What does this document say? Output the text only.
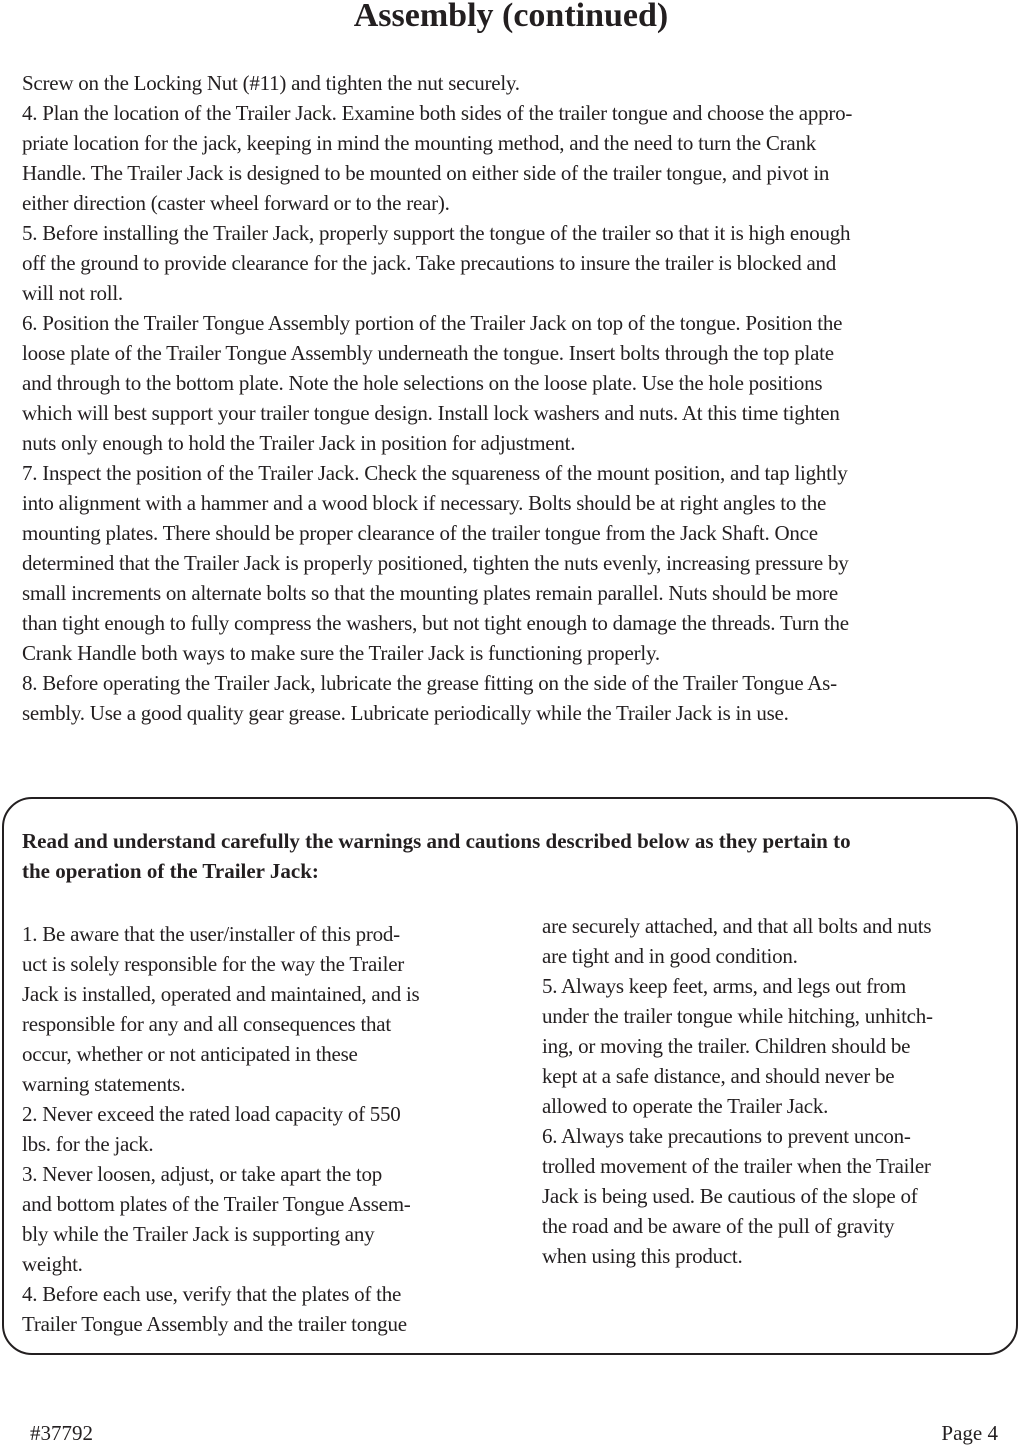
Assembly (continued)

Screw on the Locking Nut (#11) and tighten the nut securely.

4. Plan the location of the Trailer Jack. Examine both sides of the trailer tongue and choose the appro-

priate location for the jack, keeping in mind the mounting method, and the need to turn the Crank

Handle. The Trailer Jack is designed to be mounted on either side of the trailer tongue, and pivot in

either direction (caster wheel forward or to the rear).

5. Before installing the Trailer Jack, properly support the tongue of the trailer so that it is high enough

off the ground to provide clearance for the jack. Take precautions to insure the trailer is blocked and

will not roll.

6. Position the Trailer Tongue Assembly portion of the Trailer Jack on top of the tongue. Position the

loose plate of the Trailer Tongue Assembly underneath the tongue. Insert bolts through the top plate

and through to the bottom plate. Note the hole selections on the loose plate. Use the hole positions

which will best support your trailer tongue design. Install lock washers and nuts. At this time tighten

nuts only enough to hold the Trailer Jack in position for adjustment.

7. Inspect the position of the Trailer Jack. Check the squareness of the mount position, and tap lightly

into alignment with a hammer and a wood block if necessary. Bolts should be at right angles to the

mounting plates. There should be proper clearance of the trailer tongue from the Jack Shaft. Once

determined that the Trailer Jack is properly positioned, tighten the nuts evenly, increasing pressure by

small increments on alternate bolts so that the mounting plates remain parallel. Nuts should be more

than tight enough to fully compress the washers, but not tight enough to damage the threads. Turn the

Crank Handle both ways to make sure the Trailer Jack is functioning properly.

8. Before operating the Trailer Jack, lubricate the grease fitting on the side of the Trailer Tongue As-

sembly. Use a good quality gear grease. Lubricate periodically while the Trailer Jack is in use.

Read and understand carefully the warnings and cautions described below as they pertain to

the operation of the Trailer Jack:

1. Be aware that the user/installer of this prod-

uct is solely responsible for the way the Trailer

Jack is installed, operated and maintained, and is

responsible for any and all consequences that

occur, whether or not anticipated in these

warning statements.

2. Never exceed the rated load capacity of 550

lbs. for the jack.

3. Never loosen, adjust, or take apart the top

and bottom plates of the Trailer Tongue Assem-

bly while the Trailer Jack is supporting any

weight.

4. Before each use, verify that the plates of the

Trailer Tongue Assembly and the trailer tongue

are securely attached, and that all bolts and nuts

are tight and in good condition.

5. Always keep feet, arms, and legs out from

under the trailer tongue while hitching, unhitch-

ing, or moving the trailer. Children should be

kept at a safe distance, and should never be

allowed to operate the Trailer Jack.

6. Always take precautions to prevent uncon-

trolled movement of the trailer when the Trailer

Jack is being used. Be cautious of the slope of

the road and be aware of the pull of gravity

when using this product.

#37792	Page 4
